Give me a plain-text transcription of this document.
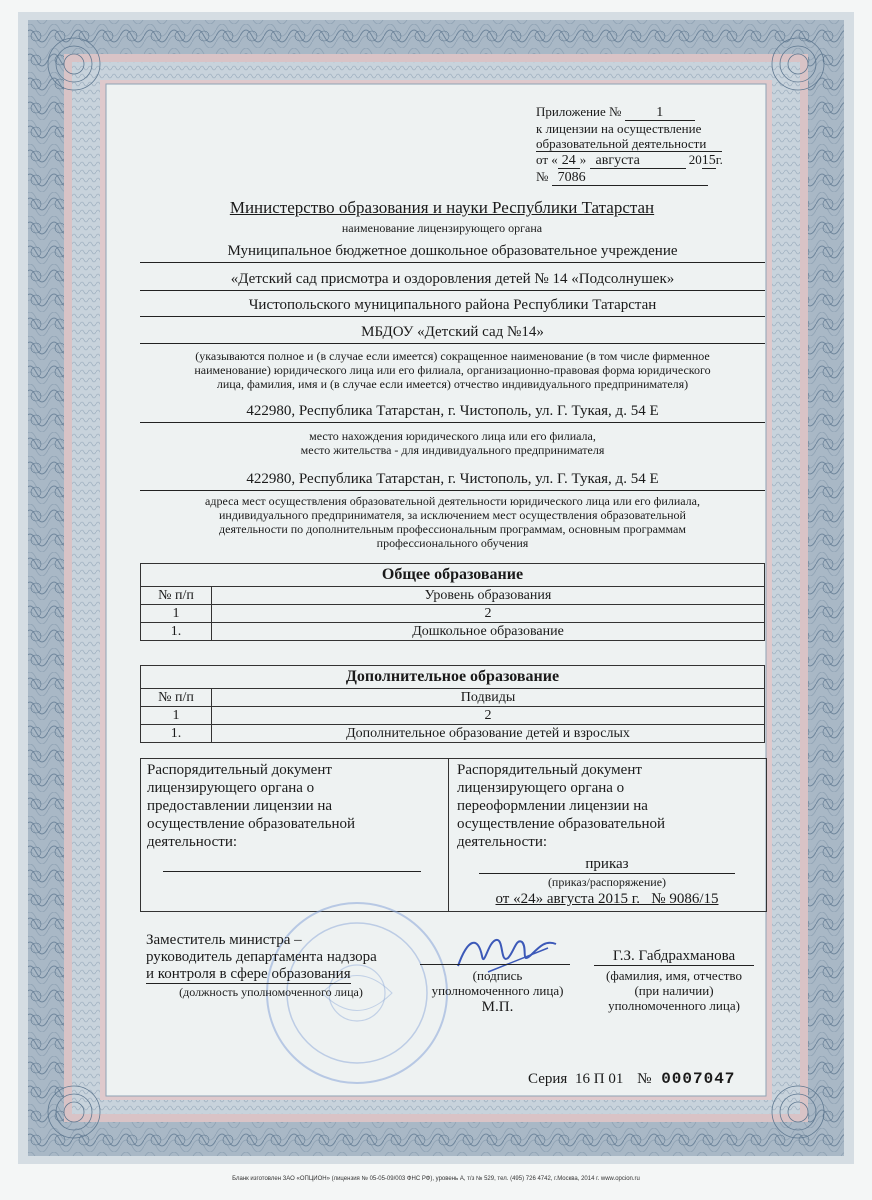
Приложение № 1
к лицензии на осуществление
образовательной деятельности
от « 24 » августа	2015г.
№ 7086
Министерство образования и науки Республики Татарстан
наименование лицензирующего органа
Муниципальное бюджетное дошкольное образовательное учреждение
«Детский сад присмотра и оздоровления детей № 14 «Подсолнушек»
Чистопольского муниципального района Республики Татарстан
МБДОУ «Детский сад №14»
(указываются полное и (в случае если имеется) сокращенное наименование (в том числе фирменное
наименование) юридического лица или его филиала, организационно-правовая форма юридического
лица, фамилия, имя и (в случае если имеется) отчество индивидуального предпринимателя)
422980, Республика Татарстан, г. Чистополь, ул. Г. Тукая, д. 54 Е
место нахождения юридического лица или его филиала,
место жительства - для индивидуального предпринимателя
422980, Республика Татарстан, г. Чистополь, ул. Г. Тукая, д. 54 Е
адреса мест осуществления образовательной деятельности юридического лица или его филиала,
индивидуального предпринимателя, за исключением мест осуществления образовательной
деятельности по дополнительным профессиональным программам, основным программам
профессионального обучения
Общее образование	
№ п/п	Уровень образования
1	2
1.	Дошкольное образование
Дополнительное образование	
№ п/п	Подвиды
1	2
1.	Дополнительное образование детей и взрослых
Распорядительный документ
лицензирующего органа о
предоставлении лицензии на
осуществление образовательной
деятельности:
Распорядительный документ
лицензирующего органа о
переоформлении лицензии на
осуществление образовательной
деятельности:
приказ
(приказ/распоряжение)
от «24» августа 2015 г.   № 9086/15
Заместитель министра –
руководитель департамента надзора
и контроля в сфере образования
(должность уполномоченного лица)
(подпись
уполномоченного лица)
М.П.
Г.З. Габдрахманова
(фамилия, имя, отчество
(при наличии)
уполномоченного лица)
Серия 16 П 01 № 0007047
Бланк изготовлен ЗАО «ОПЦИОН» (лицензия № 05-05-09/003 ФНС РФ), уровень А, т/з № 529, тел. (495) 726 4742, г.Москва, 2014 г. www.opcion.ru
